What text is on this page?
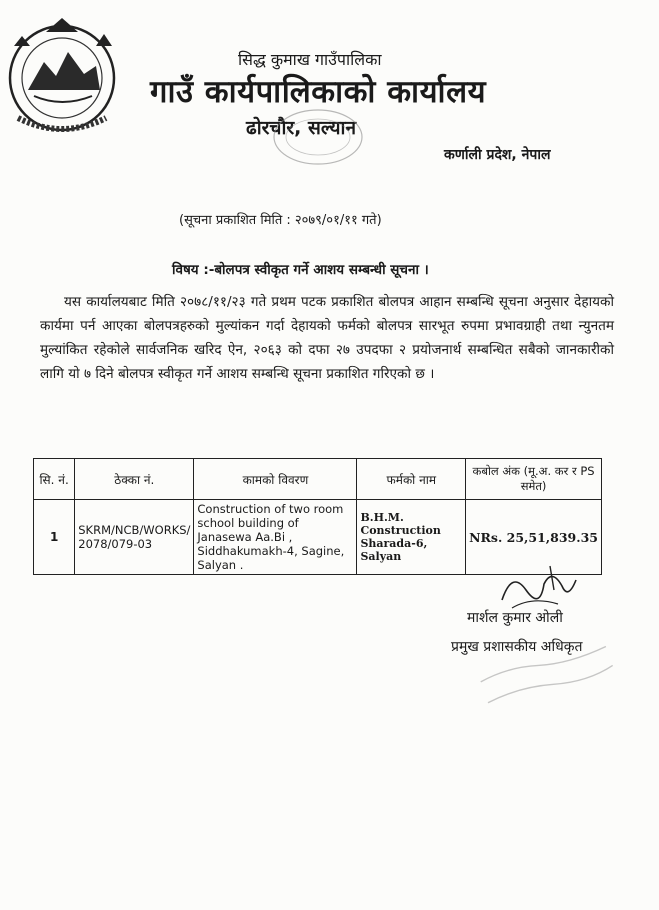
सिद्ध कुमाख गाउँपालिका
गाउँ कार्यपालिकाको कार्यालय
ढोरचौर, सल्यान
कर्णाली प्रदेश, नेपाल
(सूचना प्रकाशित मिति : २०७९/०१/११ गते)
विषय :-बोलपत्र स्वीकृत गर्ने आशय सम्बन्धी सूचना ।
यस कार्यालयबाट मिति २०७८/११/२३ गते प्रथम पटक प्रकाशित बोलपत्र आहान सम्बन्धि सूचना अनुसार देहायको कार्यमा पर्न आएका बोलपत्रहरुको मुल्यांकन गर्दा देहायको फर्मको बोलपत्र सारभूत रुपमा प्रभावग्राही तथा न्युनतम मुल्यांकित रहेकोले सार्वजनिक खरिद ऐन, २०६३ को दफा २७ उपदफा २ प्रयोजनार्थ सम्बन्धित सबैको जानकारीको लागि यो ७ दिने बोलपत्र स्वीकृत गर्ने आशय सम्बन्धि सूचना प्रकाशित गरिएको छ ।
सि. नं.	ठेक्का नं.	कामको विवरण	फर्मको नाम	कबोल अंक (मू.अ. कर र PS समेत)
1	SKRM/NCB/WORKS/ 2078/079-03	Construction of two room school building of Janasewa Aa.Bi , Siddhakumakh-4, Sagine, Salyan .	B.H.M. Construction Sharada-6, Salyan	NRs. 25,51,839.35
मार्शल कुमार ओली
प्रमुख प्रशासकीय अधिकृत
